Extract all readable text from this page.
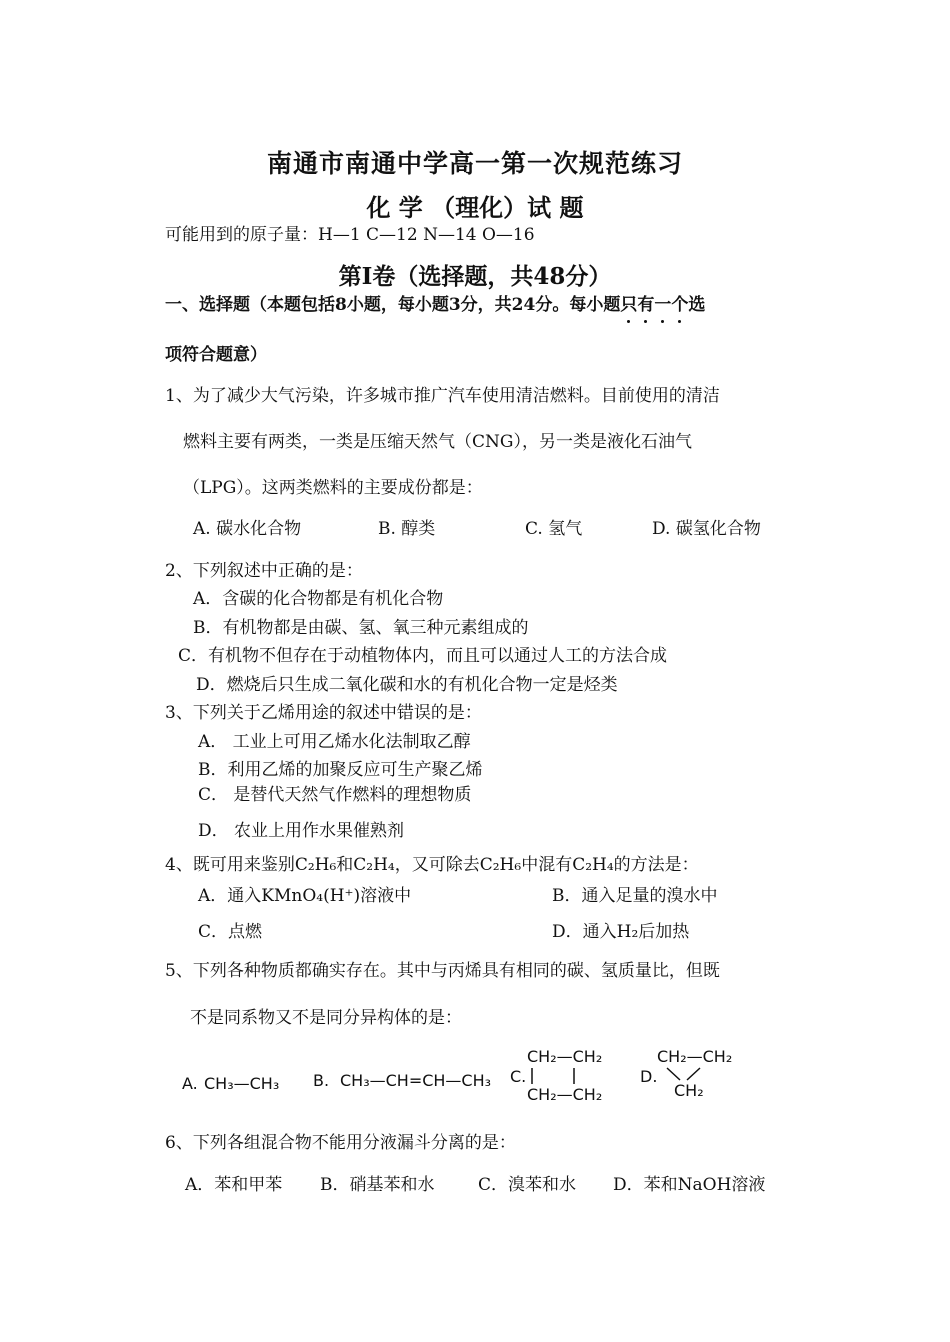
南通市南通中学高一第一次规范练习
化 学 （理化）试 题
可能用到的原子量：H—1 C—12 N—14 O—16
第Ⅰ卷（选择题，共48分）
一、选择题（本题包括8小题，每小题3分，共24分。每小题只有一个选
项符合题意）
1、为了减少大气污染，许多城市推广汽车使用清洁燃料。目前使用的清洁
燃料主要有两类，一类是压缩天然气（CNG），另一类是液化石油气
（LPG）。这两类燃料的主要成份都是：
A. 碳水化合物	B. 醇类	C. 氢气	D. 碳氢化合物
2、下列叙述中正确的是：
A．含碳的化合物都是有机化合物
B．有机物都是由碳、氢、氧三种元素组成的
C．有机物不但存在于动植物体内，而且可以通过人工的方法合成
D．燃烧后只生成二氧化碳和水的有机化合物一定是烃类
3、下列关于乙烯用途的叙述中错误的是：
A． 工业上可用乙烯水化法制取乙醇
B．利用乙烯的加聚反应可生产聚乙烯
C． 是替代天然气作燃料的理想物质
D． 农业上用作水果催熟剂
4、既可用来鉴别C₂H₆和C₂H₄，又可除去C₂H₆中混有C₂H₄的方法是：
A．通入KMnO₄(H⁺)溶液中	B．通入足量的溴水中
C．点燃	D．通入H₂后加热
5、下列各种物质都确实存在。其中与丙烯具有相同的碳、氢质量比，但既
不是同系物又不是同分异构体的是：
A. CH₃—CH₃ B. CH₃—CH=CH—CH₃ C.
CH₂—CH₂
CH₂—CH₂
D.
CH₂—CH₂
CH₂
6、下列各组混合物不能用分液漏斗分离的是：
A．苯和甲苯 B．硝基苯和水	C．溴苯和水 D．苯和NaOH溶液
